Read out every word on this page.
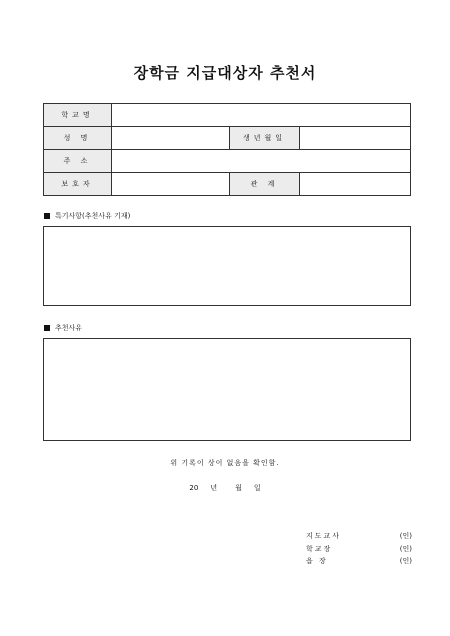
장학금 지급대상자 추천서
학교명			
성 명		생년월일	
주 소			
보호자		관 계	
특기사항(추천사유 기재)
추천사유
위 기록이 상이 없음을 확인함.
20 년	월 일
지도교사	(인)
학교장	(인)
읍 장	(인)
